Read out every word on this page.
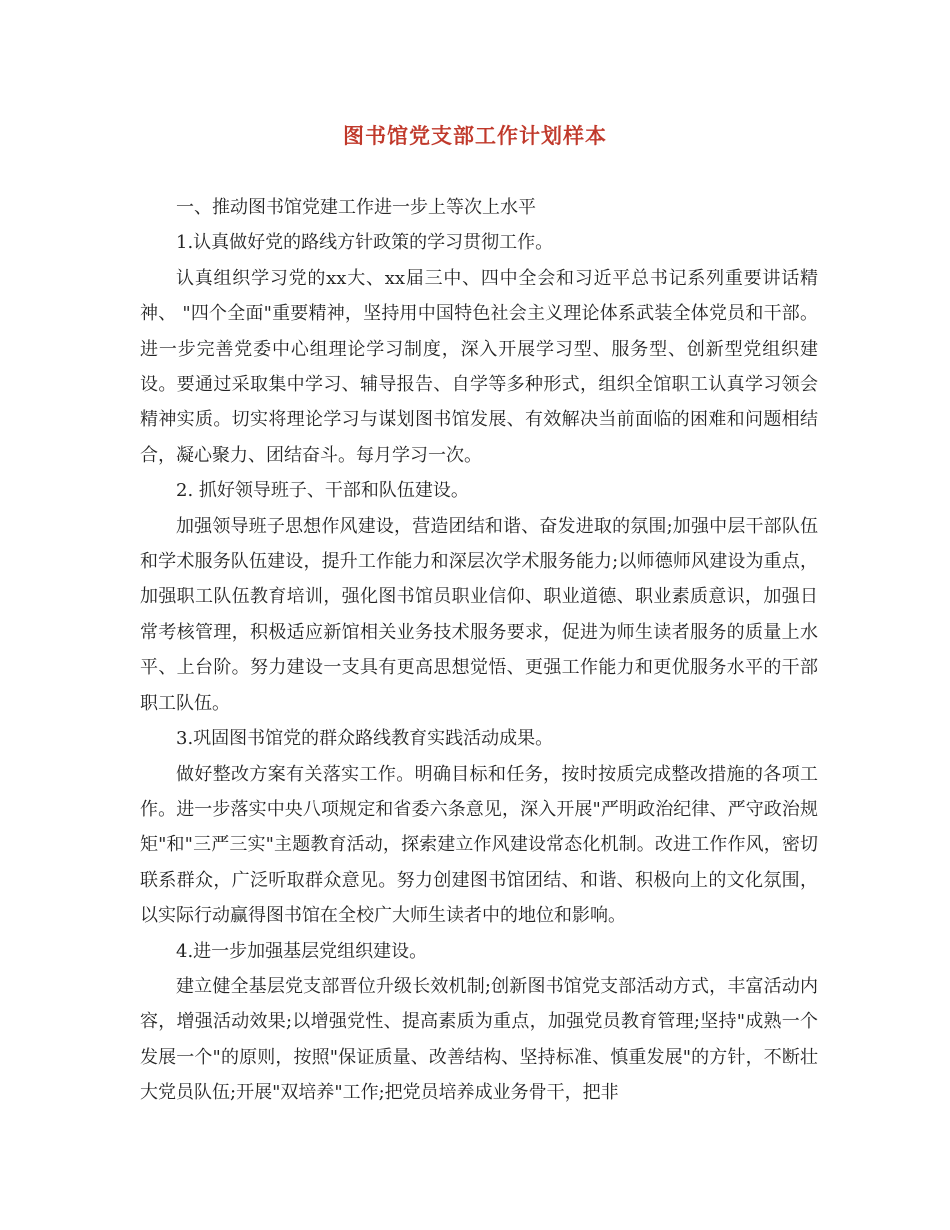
图书馆党支部工作计划样本

一、推动图书馆党建工作进一步上等次上水平

1.认真做好党的路线方针政策的学习贯彻工作。

认真组织学习党的xx大、xx届三中、四中全会和习近平总书记系列重要讲话精神、 "四个全面"重要精神，坚持用中国特色社会主义理论体系武装全体党员和干部。进一步完善党委中心组理论学习制度，深入开展学习型、服务型、创新型党组织建设。要通过采取集中学习、辅导报告、自学等多种形式，组织全馆职工认真学习领会精神实质。切实将理论学习与谋划图书馆发展、有效解决当前面临的困难和问题相结合，凝心聚力、团结奋斗。每月学习一次。

2. 抓好领导班子、干部和队伍建设。

加强领导班子思想作风建设，营造团结和谐、奋发进取的氛围;加强中层干部队伍和学术服务队伍建设，提升工作能力和深层次学术服务能力;以师德师风建设为重点，加强职工队伍教育培训，强化图书馆员职业信仰、职业道德、职业素质意识，加强日常考核管理，积极适应新馆相关业务技术服务要求，促进为师生读者服务的质量上水平、上台阶。努力建设一支具有更高思想觉悟、更强工作能力和更优服务水平的干部职工队伍。

3.巩固图书馆党的群众路线教育实践活动成果。

做好整改方案有关落实工作。明确目标和任务，按时按质完成整改措施的各项工作。进一步落实中央八项规定和省委六条意见，深入开展"严明政治纪律、严守政治规矩"和"三严三实"主题教育活动，探索建立作风建设常态化机制。改进工作作风，密切联系群众，广泛听取群众意见。努力创建图书馆团结、和谐、积极向上的文化氛围，以实际行动赢得图书馆在全校广大师生读者中的地位和影响。

4.进一步加强基层党组织建设。

建立健全基层党支部晋位升级长效机制;创新图书馆党支部活动方式，丰富活动内容，增强活动效果;以增强党性、提高素质为重点，加强党员教育管理;坚持"成熟一个发展一个"的原则，按照"保证质量、改善结构、坚持标准、慎重发展"的方针，不断壮大党员队伍;开展"双培养"工作;把党员培养成业务骨干，把非
